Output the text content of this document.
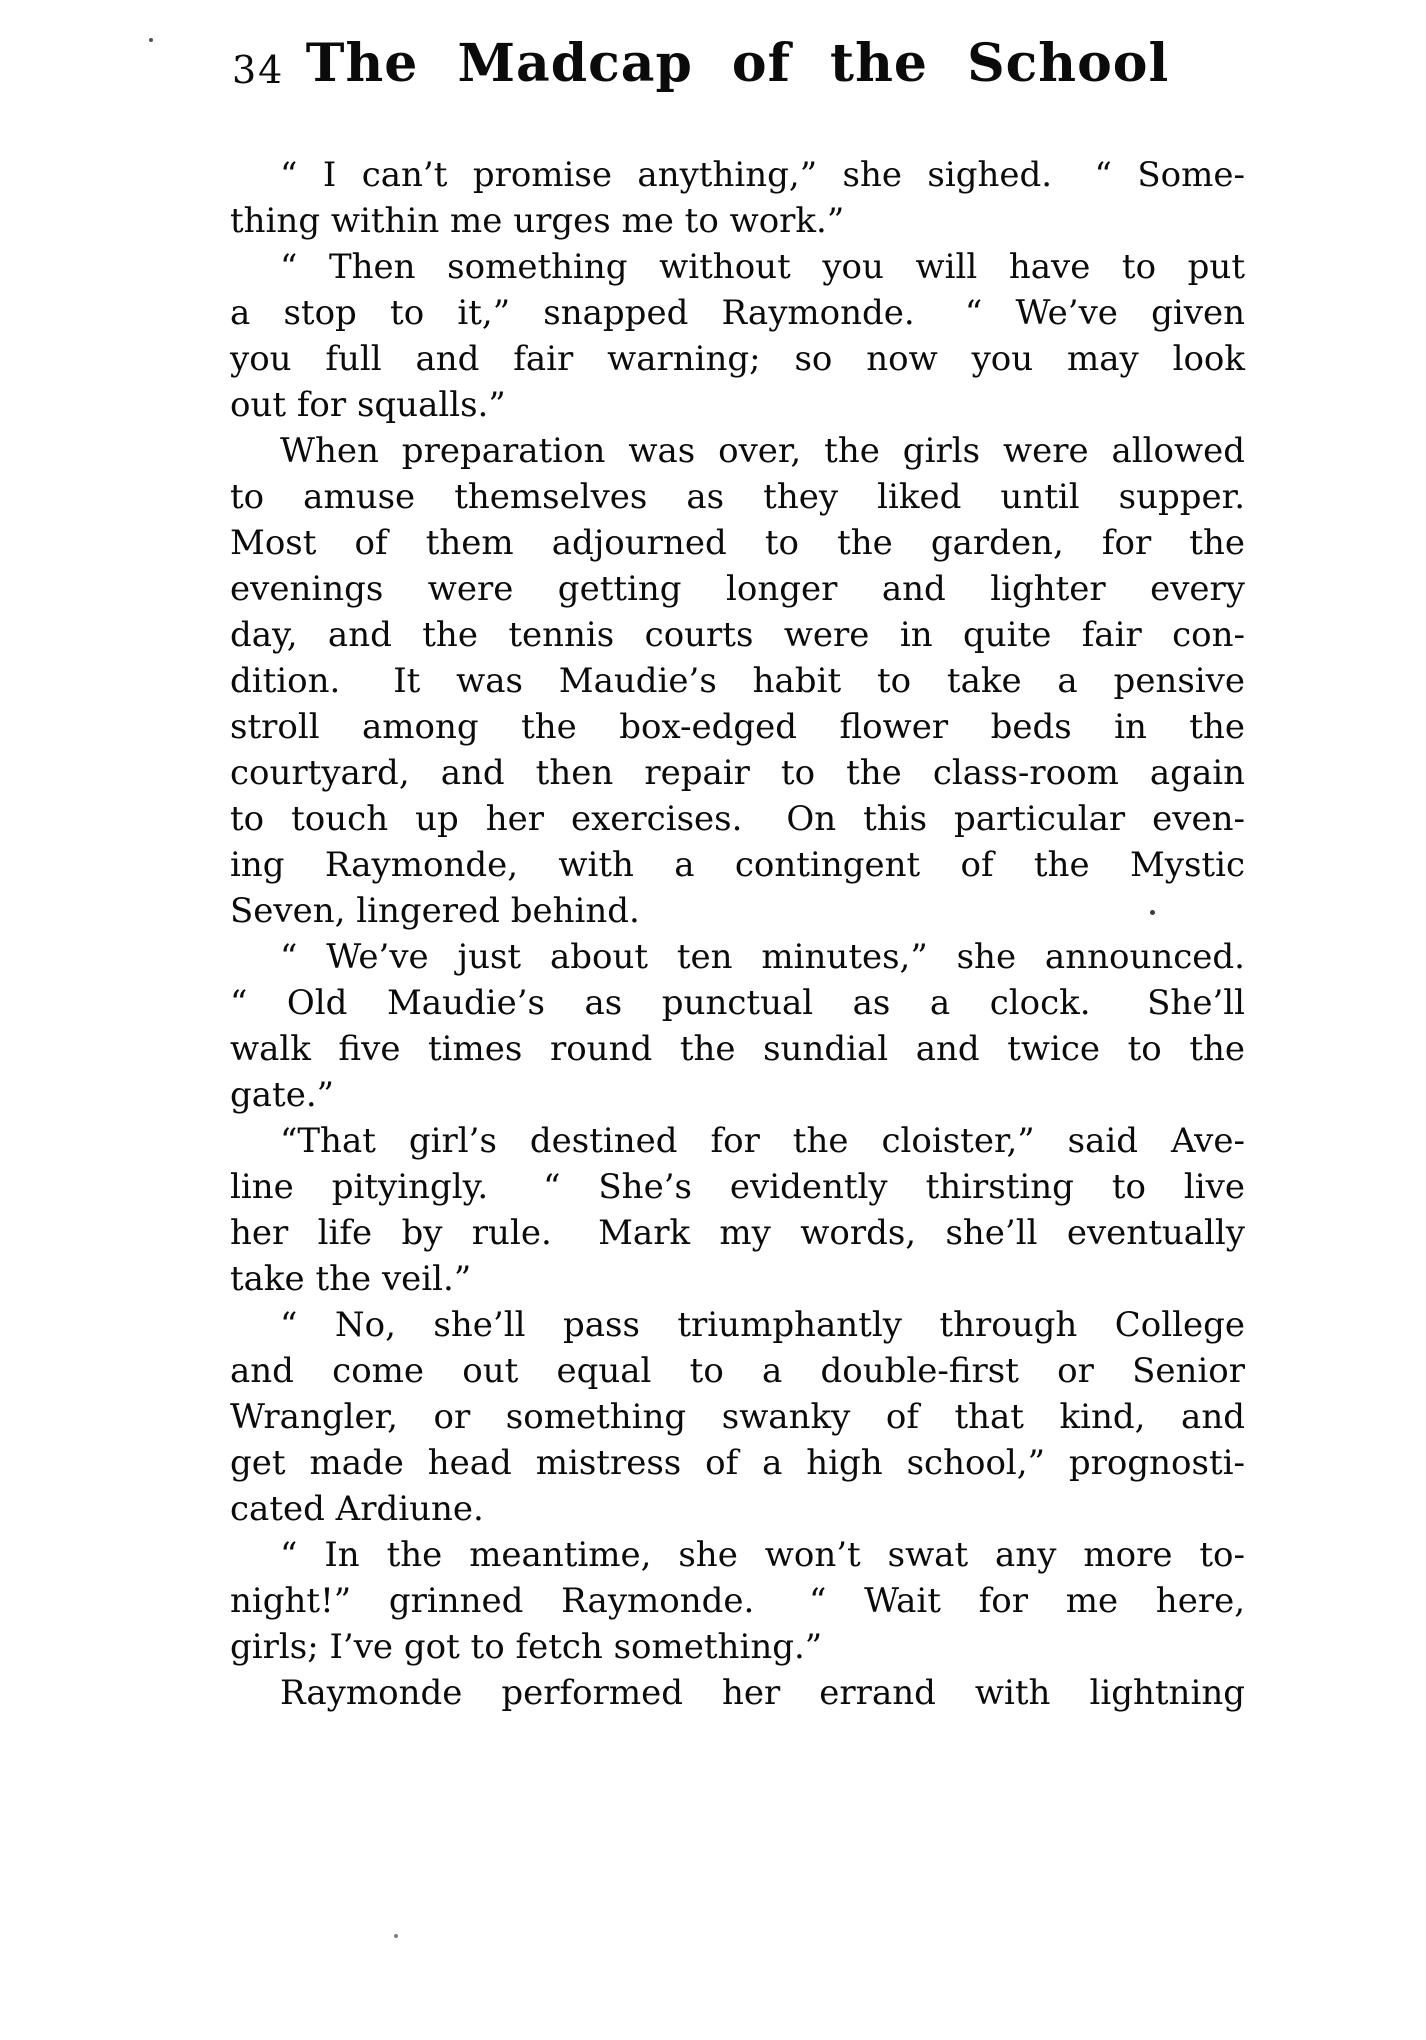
34 The Madcap of the School
“ I can’t promise anything,” she sighed.  “ Some-
thing within me urges me to work.”
“ Then something without you will have to put
a stop to it,” snapped Raymonde.  “ We’ve given
you full and fair warning; so now you may look
out for squalls.”
When preparation was over, the girls were allowed
to amuse themselves as they liked until supper.
Most of them adjourned to the garden, for the
evenings were getting longer and lighter every
day, and the tennis courts were in quite fair con-
dition.  It was Maudie’s habit to take a pensive
stroll among the box-edged flower beds in the
courtyard, and then repair to the class-room again
to touch up her exercises.  On this particular even-
ing Raymonde, with a contingent of the Mystic
Seven, lingered behind.
“ We’ve just about ten minutes,” she announced.
“ Old Maudie’s as punctual as a clock.  She’ll
walk five times round the sundial and twice to the
gate.”
“That girl’s destined for the cloister,” said Ave-
line pityingly.  “ She’s evidently thirsting to live
her life by rule.  Mark my words, she’ll eventually
take the veil.”
“ No, she’ll pass triumphantly through College
and come out equal to a double-first or Senior
Wrangler, or something swanky of that kind, and
get made head mistress of a high school,” prognosti-
cated Ardiune.
“ In the meantime, she won’t swat any more to-
night!” grinned Raymonde.  “ Wait for me here,
girls; I’ve got to fetch something.”
Raymonde performed her errand with lightning
